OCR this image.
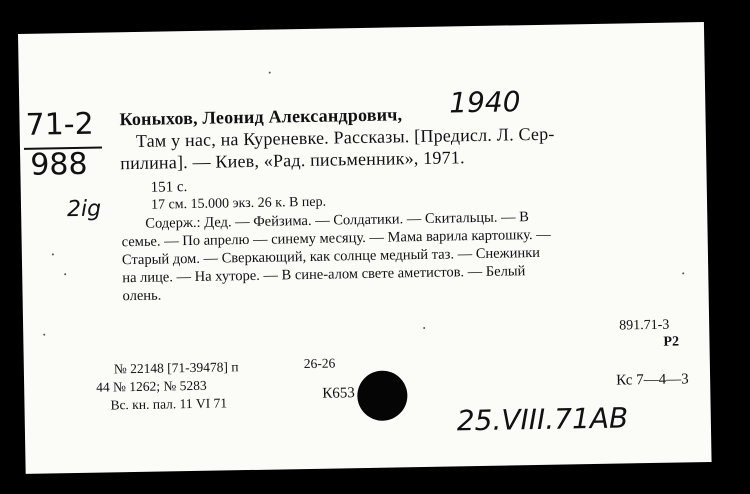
71-2
988
2ig
1940
Коныхов, Леонид Александрович,
Там у нас, на Куреневке. Рассказы. [Предисл. Л. Сер-
пилина]. — Киев, «Рад. письменник», 1971.
151 с.
17 см. 15.000 экз. 26 к. В пер.
Содерж.: Дед. — Фейзима. — Солдатики. — Скитальцы. — В
семье. — По апрелю — синему месяцу. — Мама варила картошку. —
Старый дом. — Сверкающий, как солнце медный таз. — Снежинки
на лице. — На хуторе. — В сине-алом свете аметистов. — Белый
олень.
891.71-3
Р2
Кс 7—4—3
№ 22148 [71-39478] п	26-26
44 № 1262; № 5283
Вс. кн. пал. 11 VI 71
К653
25.VIII.71AB
